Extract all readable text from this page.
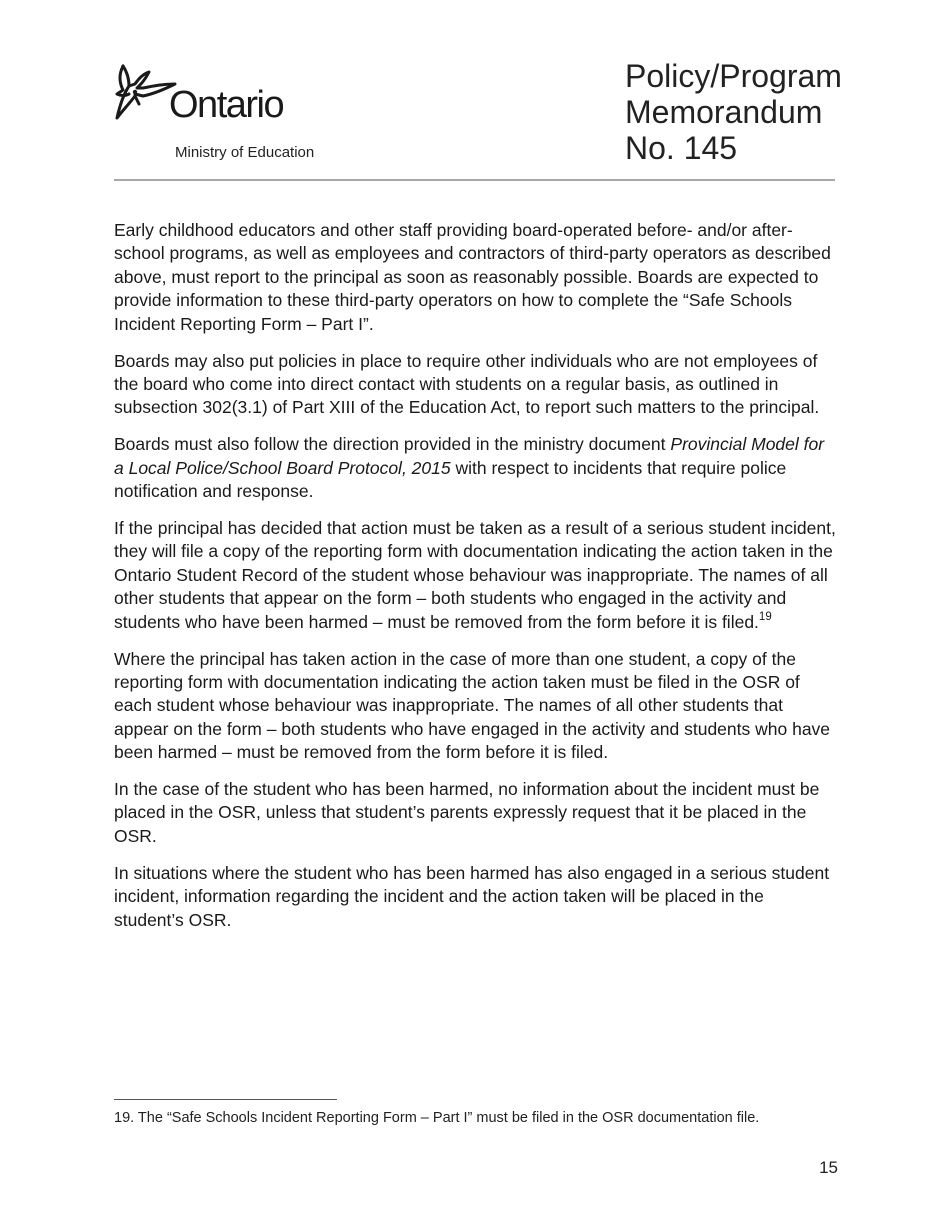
Ontario
Ministry of Education
Policy/Program
Memorandum
No. 145

Early childhood educators and other staff providing board-operated before- and/or after-school programs, as well as employees and contractors of third-party operators as described above, must report to the principal as soon as reasonably possible. Boards are expected to provide information to these third-party operators on how to complete the “Safe Schools Incident Reporting Form – Part I”.

Boards may also put policies in place to require other individuals who are not employees of the board who come into direct contact with students on a regular basis, as outlined in subsection 302(3.1) of Part XIII of the Education Act, to report such matters to the principal.

Boards must also follow the direction provided in the ministry document Provincial Model for a Local Police/School Board Protocol, 2015 with respect to incidents that require police notification and response.

If the principal has decided that action must be taken as a result of a serious student incident, they will file a copy of the reporting form with documentation indicating the action taken in the Ontario Student Record of the student whose behaviour was inappropriate. The names of all other students that appear on the form – both students who engaged in the activity and students who have been harmed – must be removed from the form before it is filed.$^{19}$

Where the principal has taken action in the case of more than one student, a copy of the reporting form with documentation indicating the action taken must be filed in the OSR of each student whose behaviour was inappropriate. The names of all other students that appear on the form – both students who have engaged in the activity and students who have been harmed – must be removed from the form before it is filed.

In the case of the student who has been harmed, no information about the incident must be placed in the OSR, unless that student’s parents expressly request that it be placed in the OSR.

In situations where the student who has been harmed has also engaged in a serious student incident, information regarding the incident and the action taken will be placed in the student’s OSR.

19. The “Safe Schools Incident Reporting Form – Part I” must be filed in the OSR documentation file.
15
